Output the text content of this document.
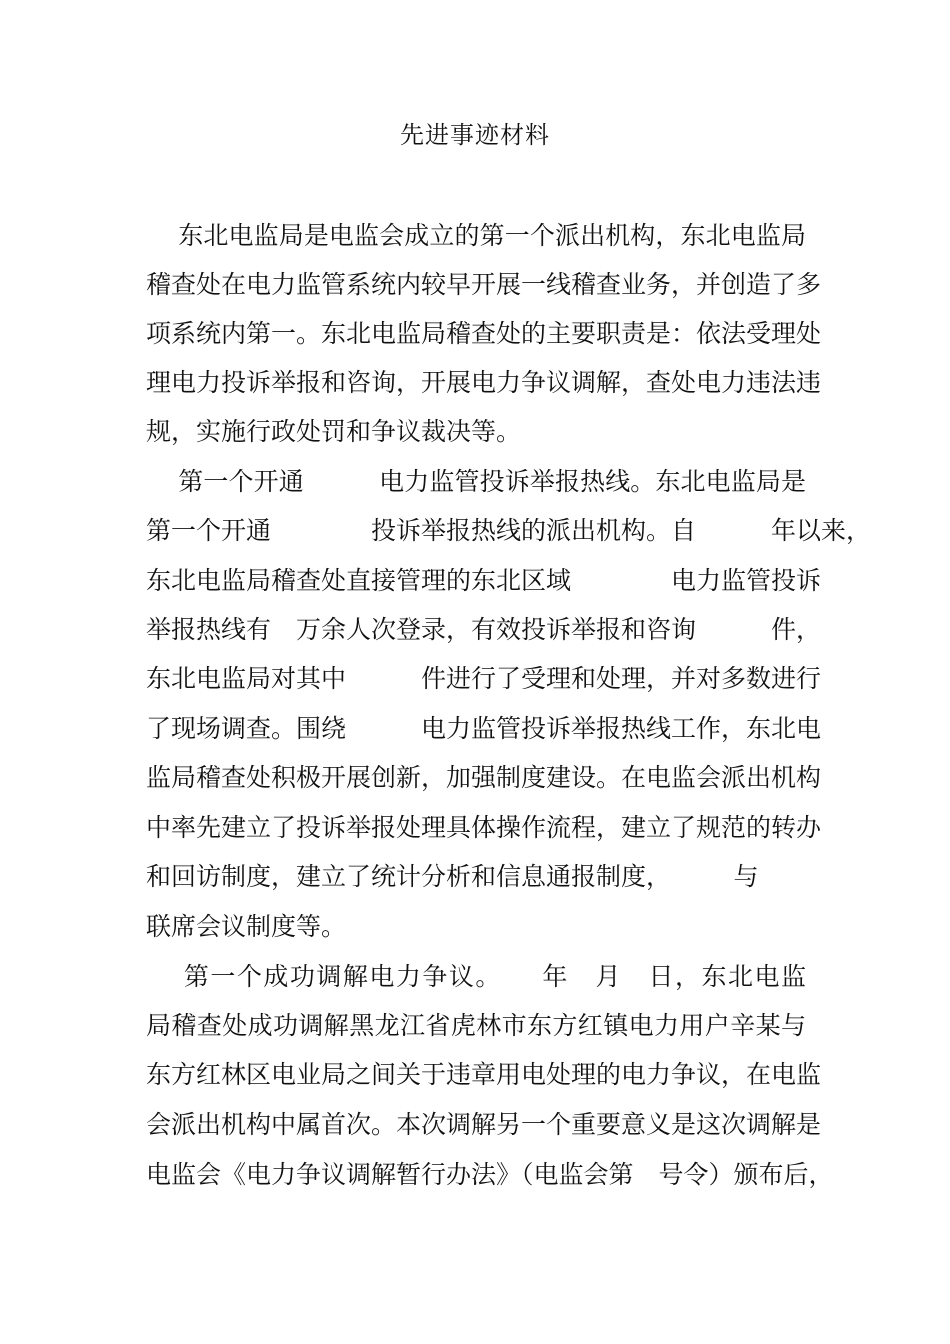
先进事迹材料
东北电监局是电监会成立的第一个派出机构，东北电监局
稽查处在电力监管系统内较早开展一线稽查业务，并创造了多
项系统内第一。东北电监局稽查处的主要职责是：依法受理处
理电力投诉举报和咨询，开展电力争议调解，查处电力违法违
规，实施行政处罚和争议裁决等。
第一个开通　　　电力监管投诉举报热线。东北电监局是
第一个开通　　　　投诉举报热线的派出机构。自　　　年以来，
东北电监局稽查处直接管理的东北区域　　　　电力监管投诉
举报热线有　万余人次登录，有效投诉举报和咨询　　　件，
东北电监局对其中　　　件进行了受理和处理，并对多数进行
了现场调查。围绕　　　电力监管投诉举报热线工作，东北电
监局稽查处积极开展创新，加强制度建设。在电监会派出机构
中率先建立了投诉举报处理具体操作流程，建立了规范的转办
和回访制度，建立了统计分析和信息通报制度，　　　与
联席会议制度等。
第一个成功调解电力争议。　　年　月　日，东北电监
局稽查处成功调解黑龙江省虎林市东方红镇电力用户辛某与
东方红林区电业局之间关于违章用电处理的电力争议，在电监
会派出机构中属首次。本次调解另一个重要意义是这次调解是
电监会《电力争议调解暂行办法》（电监会第　号令）颁布后，
